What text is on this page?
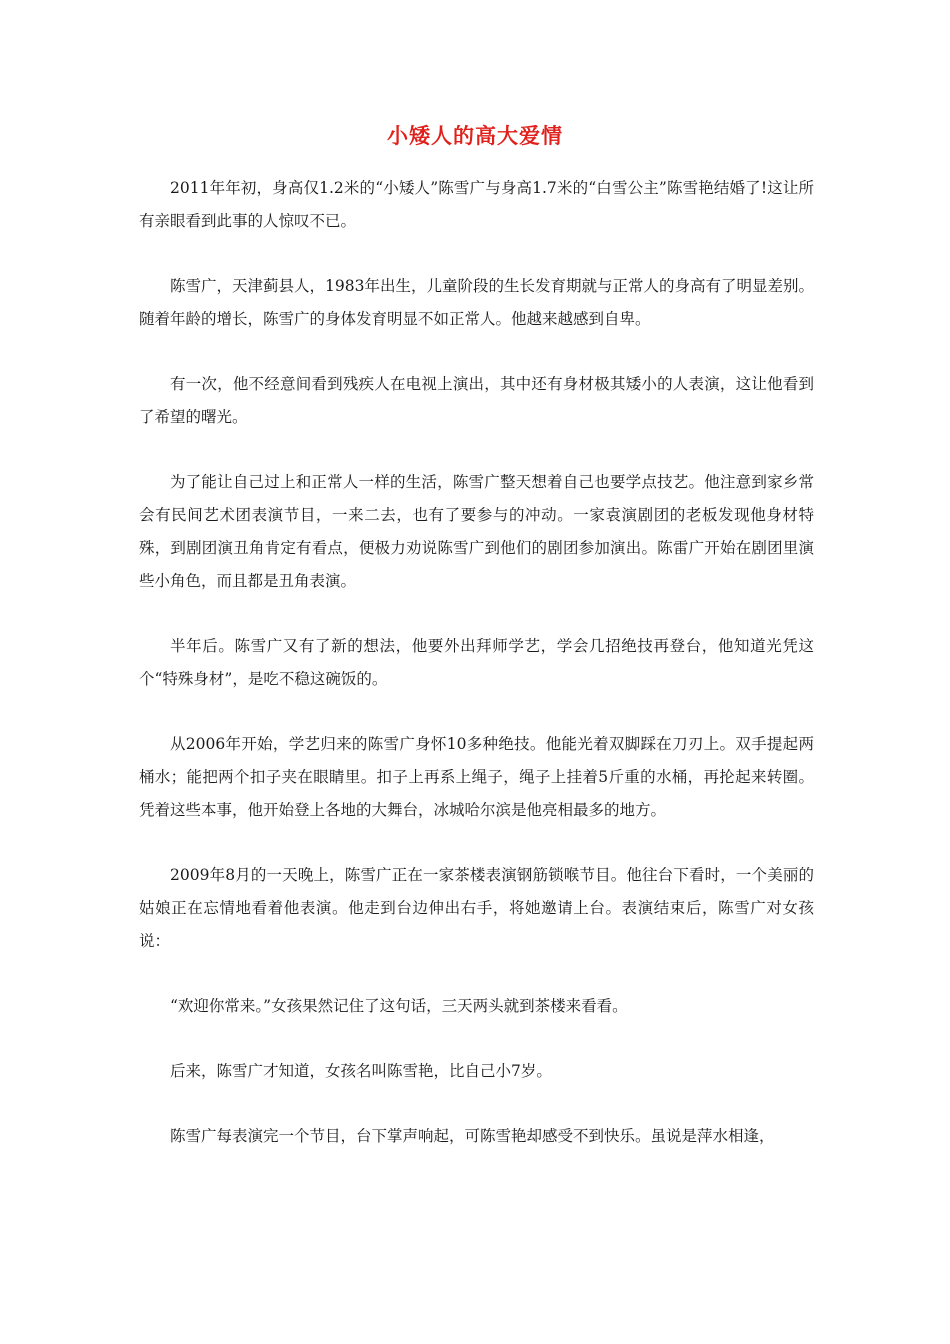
小矮人的高大爱情

2011年年初，身高仅1.2米的“小矮人”陈雪广与身高1.7米的“白雪公主”陈雪艳结婚了!这让所有亲眼看到此事的人惊叹不已。

陈雪广，天津蓟县人，1983年出生，儿童阶段的生长发育期就与正常人的身高有了明显差别。随着年龄的增长，陈雪广的身体发育明显不如正常人。他越来越感到自卑。

有一次，他不经意间看到残疾人在电视上演出，其中还有身材极其矮小的人表演，这让他看到了希望的曙光。

为了能让自己过上和正常人一样的生活，陈雪广整天想着自己也要学点技艺。他注意到家乡常会有民间艺术团表演节目，一来二去，也有了要参与的冲动。一家袁演剧团的老板发现他身材特殊，到剧团演丑角肯定有看点，便极力劝说陈雪广到他们的剧团参加演出。陈雷广开始在剧团里演些小角色，而且都是丑角表演。

半年后。陈雪广又有了新的想法，他要外出拜师学艺，学会几招绝技再登台，他知道光凭这个“特殊身材”，是吃不稳这碗饭的。

从2006年开始，学艺归来的陈雪广身怀10多种绝技。他能光着双脚踩在刀刃上。双手提起两桶水；能把两个扣子夹在眼睛里。扣子上再系上绳子，绳子上挂着5斤重的水桶，再抡起来转圈。凭着这些本事，他开始登上各地的大舞台，冰城哈尔滨是他亮相最多的地方。

2009年8月的一天晚上，陈雪广正在一家茶楼表演钢筋锁喉节目。他往台下看时，一个美丽的姑娘正在忘情地看着他表演。他走到台边伸出右手，将她邀请上台。表演结束后，陈雪广对女孩说：

“欢迎你常来。”女孩果然记住了这句话，三天两头就到茶楼来看看。

后来，陈雪广才知道，女孩名叫陈雪艳，比自己小7岁。

陈雪广每表演完一个节目，台下掌声响起，可陈雪艳却感受不到快乐。虽说是萍水相逢，
